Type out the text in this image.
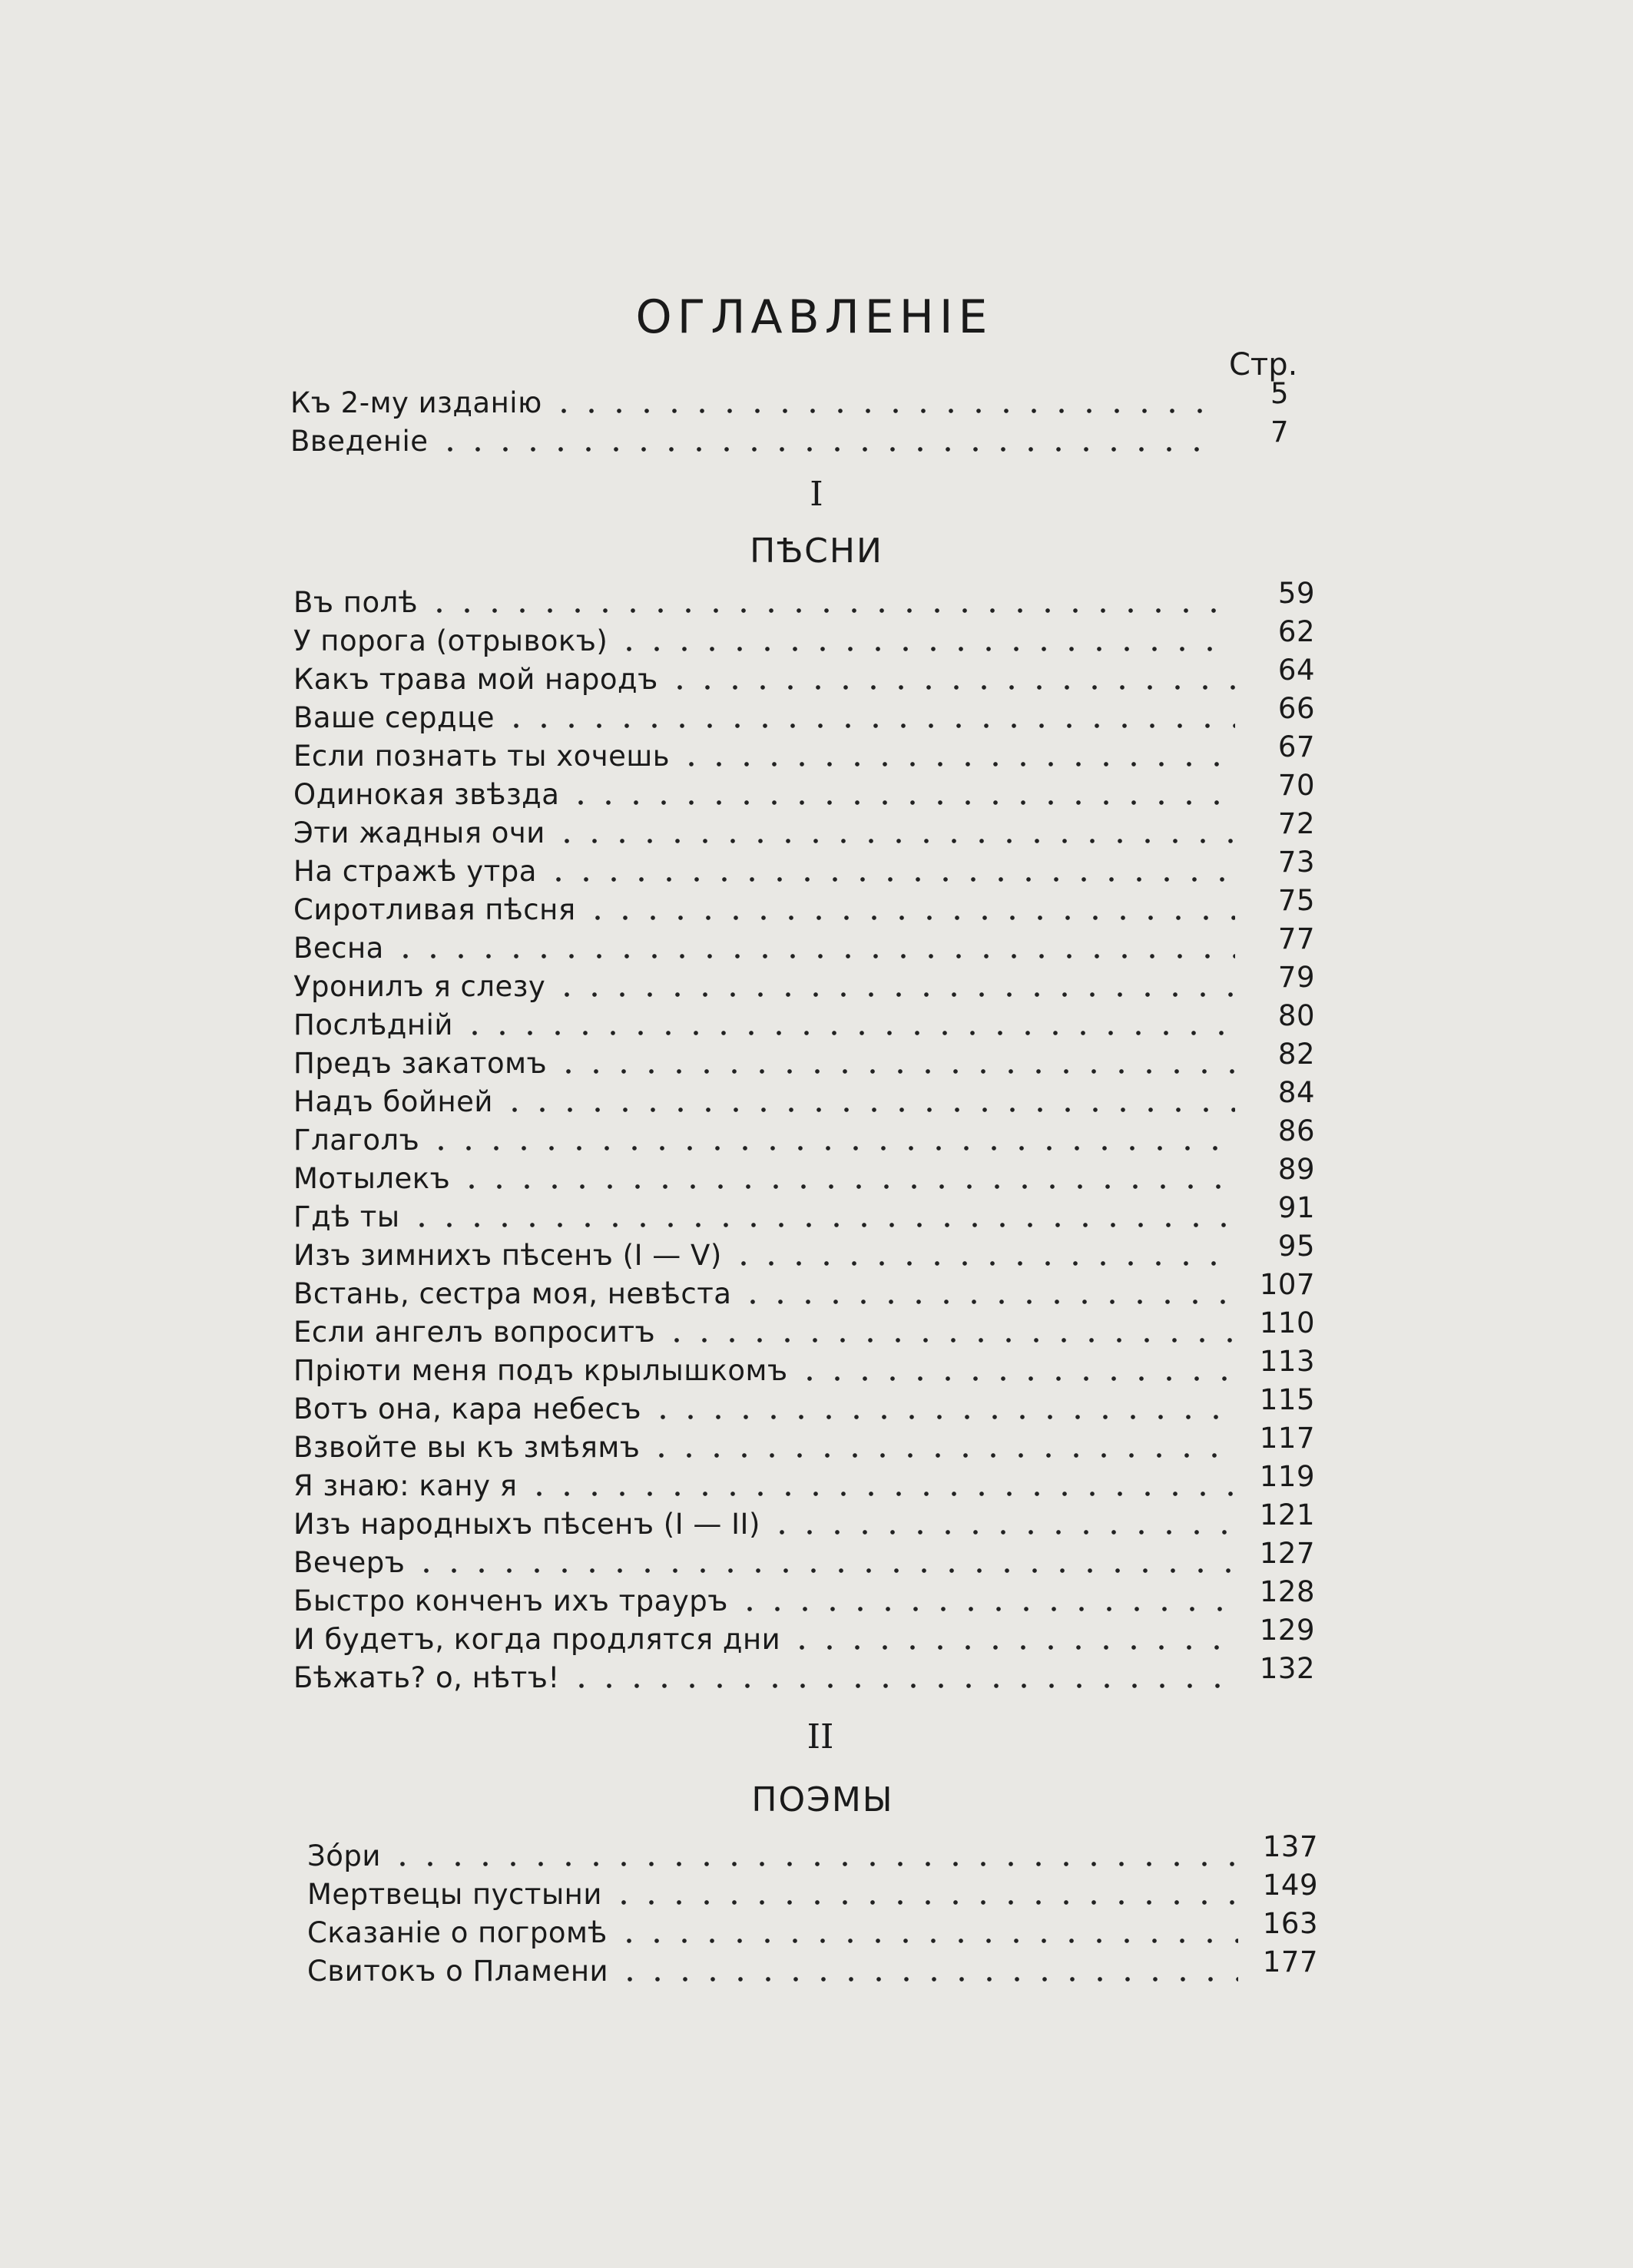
ОГЛАВЛЕНІЕ
Стр.
Къ 2-му изданію	5
Введеніе	7
I
ПѢСНИ
Въ полѣ	59
У порога (отрывокъ)	62
Какъ трава мой народъ	64
Ваше сердце	66
Если познать ты хочешь	67
Одинокая звѣзда	70
Эти жадныя очи	72
На стражѣ утра	73
Сиротливая пѣсня	75
Весна	77
Уронилъ я слезу	79
Послѣдній	80
Предъ закатомъ	82
Надъ бойней	84
Глаголъ	86
Мотылекъ	89
Гдѣ ты	91
Изъ зимнихъ пѣсенъ (I — V)	95
Встань, сестра моя, невѣста	107
Если ангелъ вопроситъ	110
Пріюти меня подъ крылышкомъ	113
Вотъ она, кара небесъ	115
Взвойте вы къ змѣямъ	117
Я знаю: кану я	119
Изъ народныхъ пѣсенъ (I — II)	121
Вечеръ	127
Быстро конченъ ихъ трауръ	128
И будетъ, когда продлятся дни	129
Бѣжать? о, нѣтъ!	132
II
ПОЭМЫ
Зóри	137
Мертвецы пустыни	149
Сказаніе о погромѣ	163
Свитокъ о Пламени	177
